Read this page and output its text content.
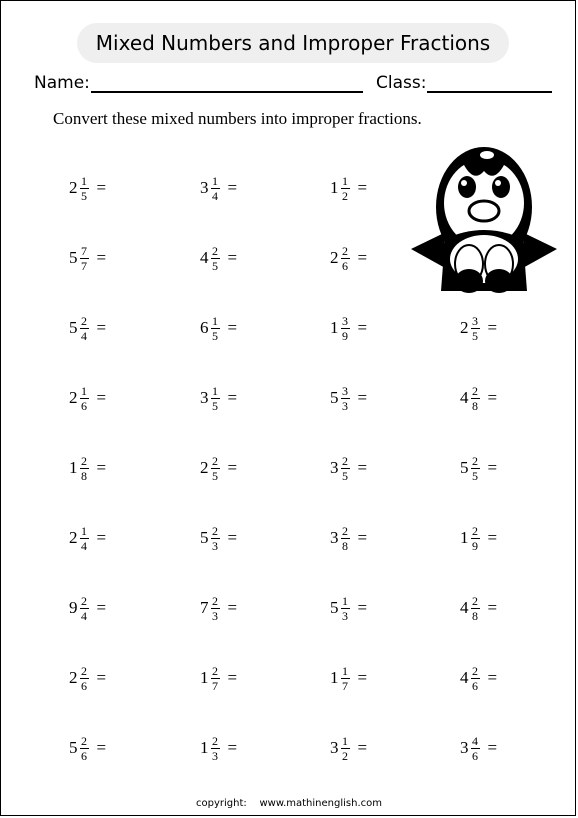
Mixed Numbers and Improper Fractions
Name:	Class:
Convert these mixed numbers into improper fractions.
$2 \frac{1}{5}$ =	$3 \frac{1}{4}$ =	$1 \frac{1}{2}$ =
$5 \frac{7}{7}$ =	$4 \frac{2}{5}$ =	$2 \frac{2}{6}$ =
$5 \frac{2}{4}$ =	$6 \frac{1}{5}$ =	$1 \frac{3}{9}$ =	$2 \frac{3}{5}$ =
$2 \frac{1}{6}$ =	$3 \frac{1}{5}$ =	$5 \frac{3}{3}$ =	$4 \frac{2}{8}$ =
$1 \frac{2}{8}$ =	$2 \frac{2}{5}$ =	$3 \frac{2}{5}$ =	$5 \frac{2}{5}$ =
$2 \frac{1}{4}$ =	$5 \frac{2}{3}$ =	$3 \frac{2}{8}$ =	$1 \frac{2}{9}$ =
$9 \frac{2}{4}$ =	$7 \frac{2}{3}$ =	$5 \frac{1}{3}$ =	$4 \frac{2}{8}$ =
$2 \frac{2}{6}$ =	$1 \frac{2}{7}$ =	$1 \frac{1}{7}$ =	$4 \frac{2}{6}$ =
$5 \frac{2}{6}$ =	$1 \frac{2}{3}$ =	$3 \frac{1}{2}$ =	$3 \frac{4}{6}$ =
copyright:    www.mathinenglish.com
